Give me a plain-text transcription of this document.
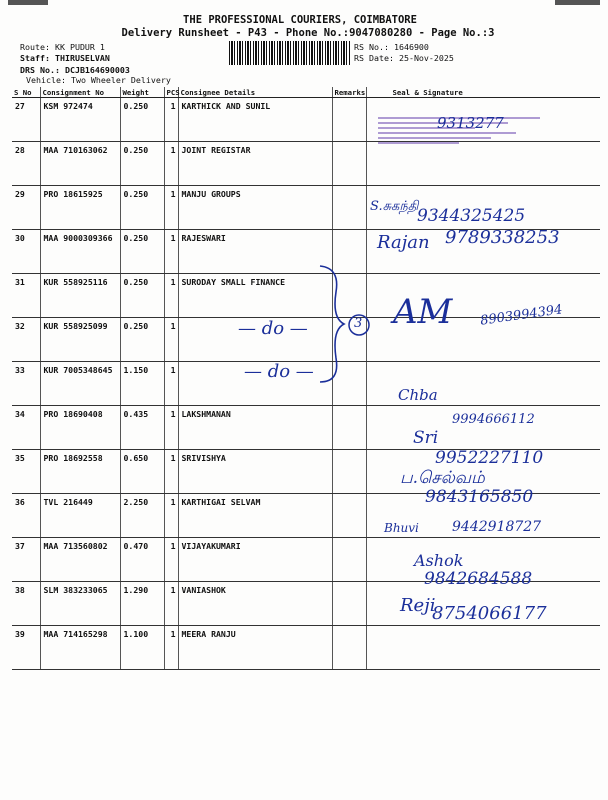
THE PROFESSIONAL COURIERS, COIMBATORE
Delivery Runsheet - P43 - Phone No.:9047080280 - Page No.:3
Route: KK PUDUR 1
Staff: THIRUSELVAN
DRS No.: DCJB164690003
Vehicle: Two Wheeler Delivery
RS No.: 1646900
RS Date: 25-Nov-2025
S No	Consignment No	Weight	PCS	Consignee Details	Remarks	Seal & Signature
27	KSM 972474	0.250	1	KARTHICK AND SUNIL		
28	MAA 710163062	0.250	1	JOINT REGISTAR		
29	PRO 18615925	0.250	1	MANJU GROUPS		
30	MAA 9000309366	0.250	1	RAJESWARI		
31	KUR 558925116	0.250	1	SURODAY SMALL FINANCE		
32	KUR 558925099	0.250	1			
33	KUR 7005348645	1.150	1			
34	PRO 18690408	0.435	1	LAKSHMANAN		
35	PRO 18692558	0.650	1	SRIVISHYA		
36	TVL 216449	2.250	1	KARTHIGAI SELVAM		
37	MAA 713560802	0.470	1	VIJAYAKUMARI		
38	SLM 383233065	1.290	1	VANIASHOK		
39	MAA 714165298	1.100	1	MEERA RANJU		
9313277
S.சுகந்தி
9344325425
Rajan 9789338253
— do —
— do —
3 AM 8903994394
Chba
9994666112
Sri
9952227110
ப.செல்வம்
9843165850
Bhuvi 9442918727
Ashok
9842684588
Reji
8754066177
